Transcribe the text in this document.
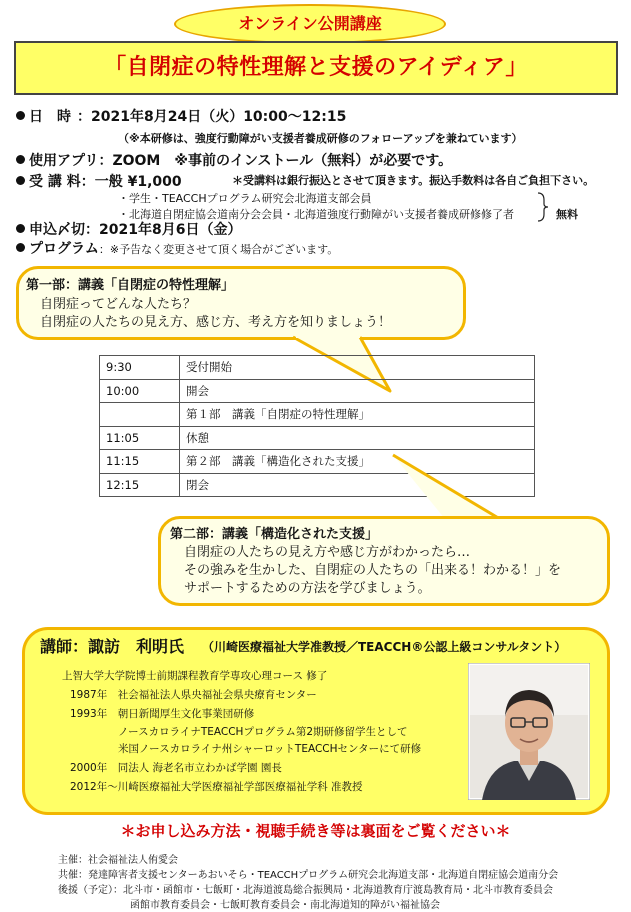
オンライン公開講座
「自閉症の特性理解と支援のアイディア」
日　時 ：2021年8月24日（火）10:00〜12:15
（※本研修は、強度行動障がい支援者養成研修のフォローアップを兼ねています）
使用アプリ：ZOOM　※事前のインストール（無料）が必要です。
受 講 料：一般 ¥1,000	＊受講料は銀行振込とさせて頂きます。振込手数料は各自ご負担下さい。
・学生・TEACCHプログラム研究会北海道支部会員
・北海道自閉症協会道南分会会員・北海道強度行動障がい支援者養成研修修了者	無料
申込〆切：2021年8月6日（金）
プログラム：※予告なく変更させて頂く場合がございます。
第一部：講義「自閉症の特性理解」
自閉症ってどんな人たち？
自閉症の人たちの見え方、感じ方、考え方を知りましょう！
9:30	受付開始
10:00	開会
	第１部　講義「自閉症の特性理解」
11:05	休憩
11:15	第２部　講義「構造化された支援」
12:15	閉会
第二部：講義「構造化された支援」
自閉症の人たちの見え方や感じ方がわかったら…
その強みを生かした、自閉症の人たちの「出来る！わかる！」を
サポートするための方法を学びましょう。
講師：諏訪　利明氏 （川崎医療福祉大学准教授／TEACCH®公認上級コンサルタント）
上智大学大学院博士前期課程教育学専攻心理コース 修了
1987年　社会福祉法人県央福祉会県央療育センター
1993年　朝日新聞厚生文化事業団研修
ノースカロライナTEACCHプログラム第2期研修留学生として
米国ノースカロライナ州シャーロットTEACCHセンターにて研修
2000年　同法人 海老名市立わかば学園 園長
2012年〜川崎医療福祉大学医療福祉学部医療福祉学科 准教授
＊お申し込み方法・視聴手続き等は裏面をご覧ください＊
主催：社会福祉法人侑愛会
共催：発達障害者支援センターあおいそら・TEACCHプログラム研究会北海道支部・北海道自閉症協会道南分会
後援（予定）：北斗市・函館市・七飯町・北海道渡島総合振興局・北海道教育庁渡島教育局・北斗市教育委員会
函館市教育委員会・七飯町教育委員会・南北海道知的障がい福祉協会
